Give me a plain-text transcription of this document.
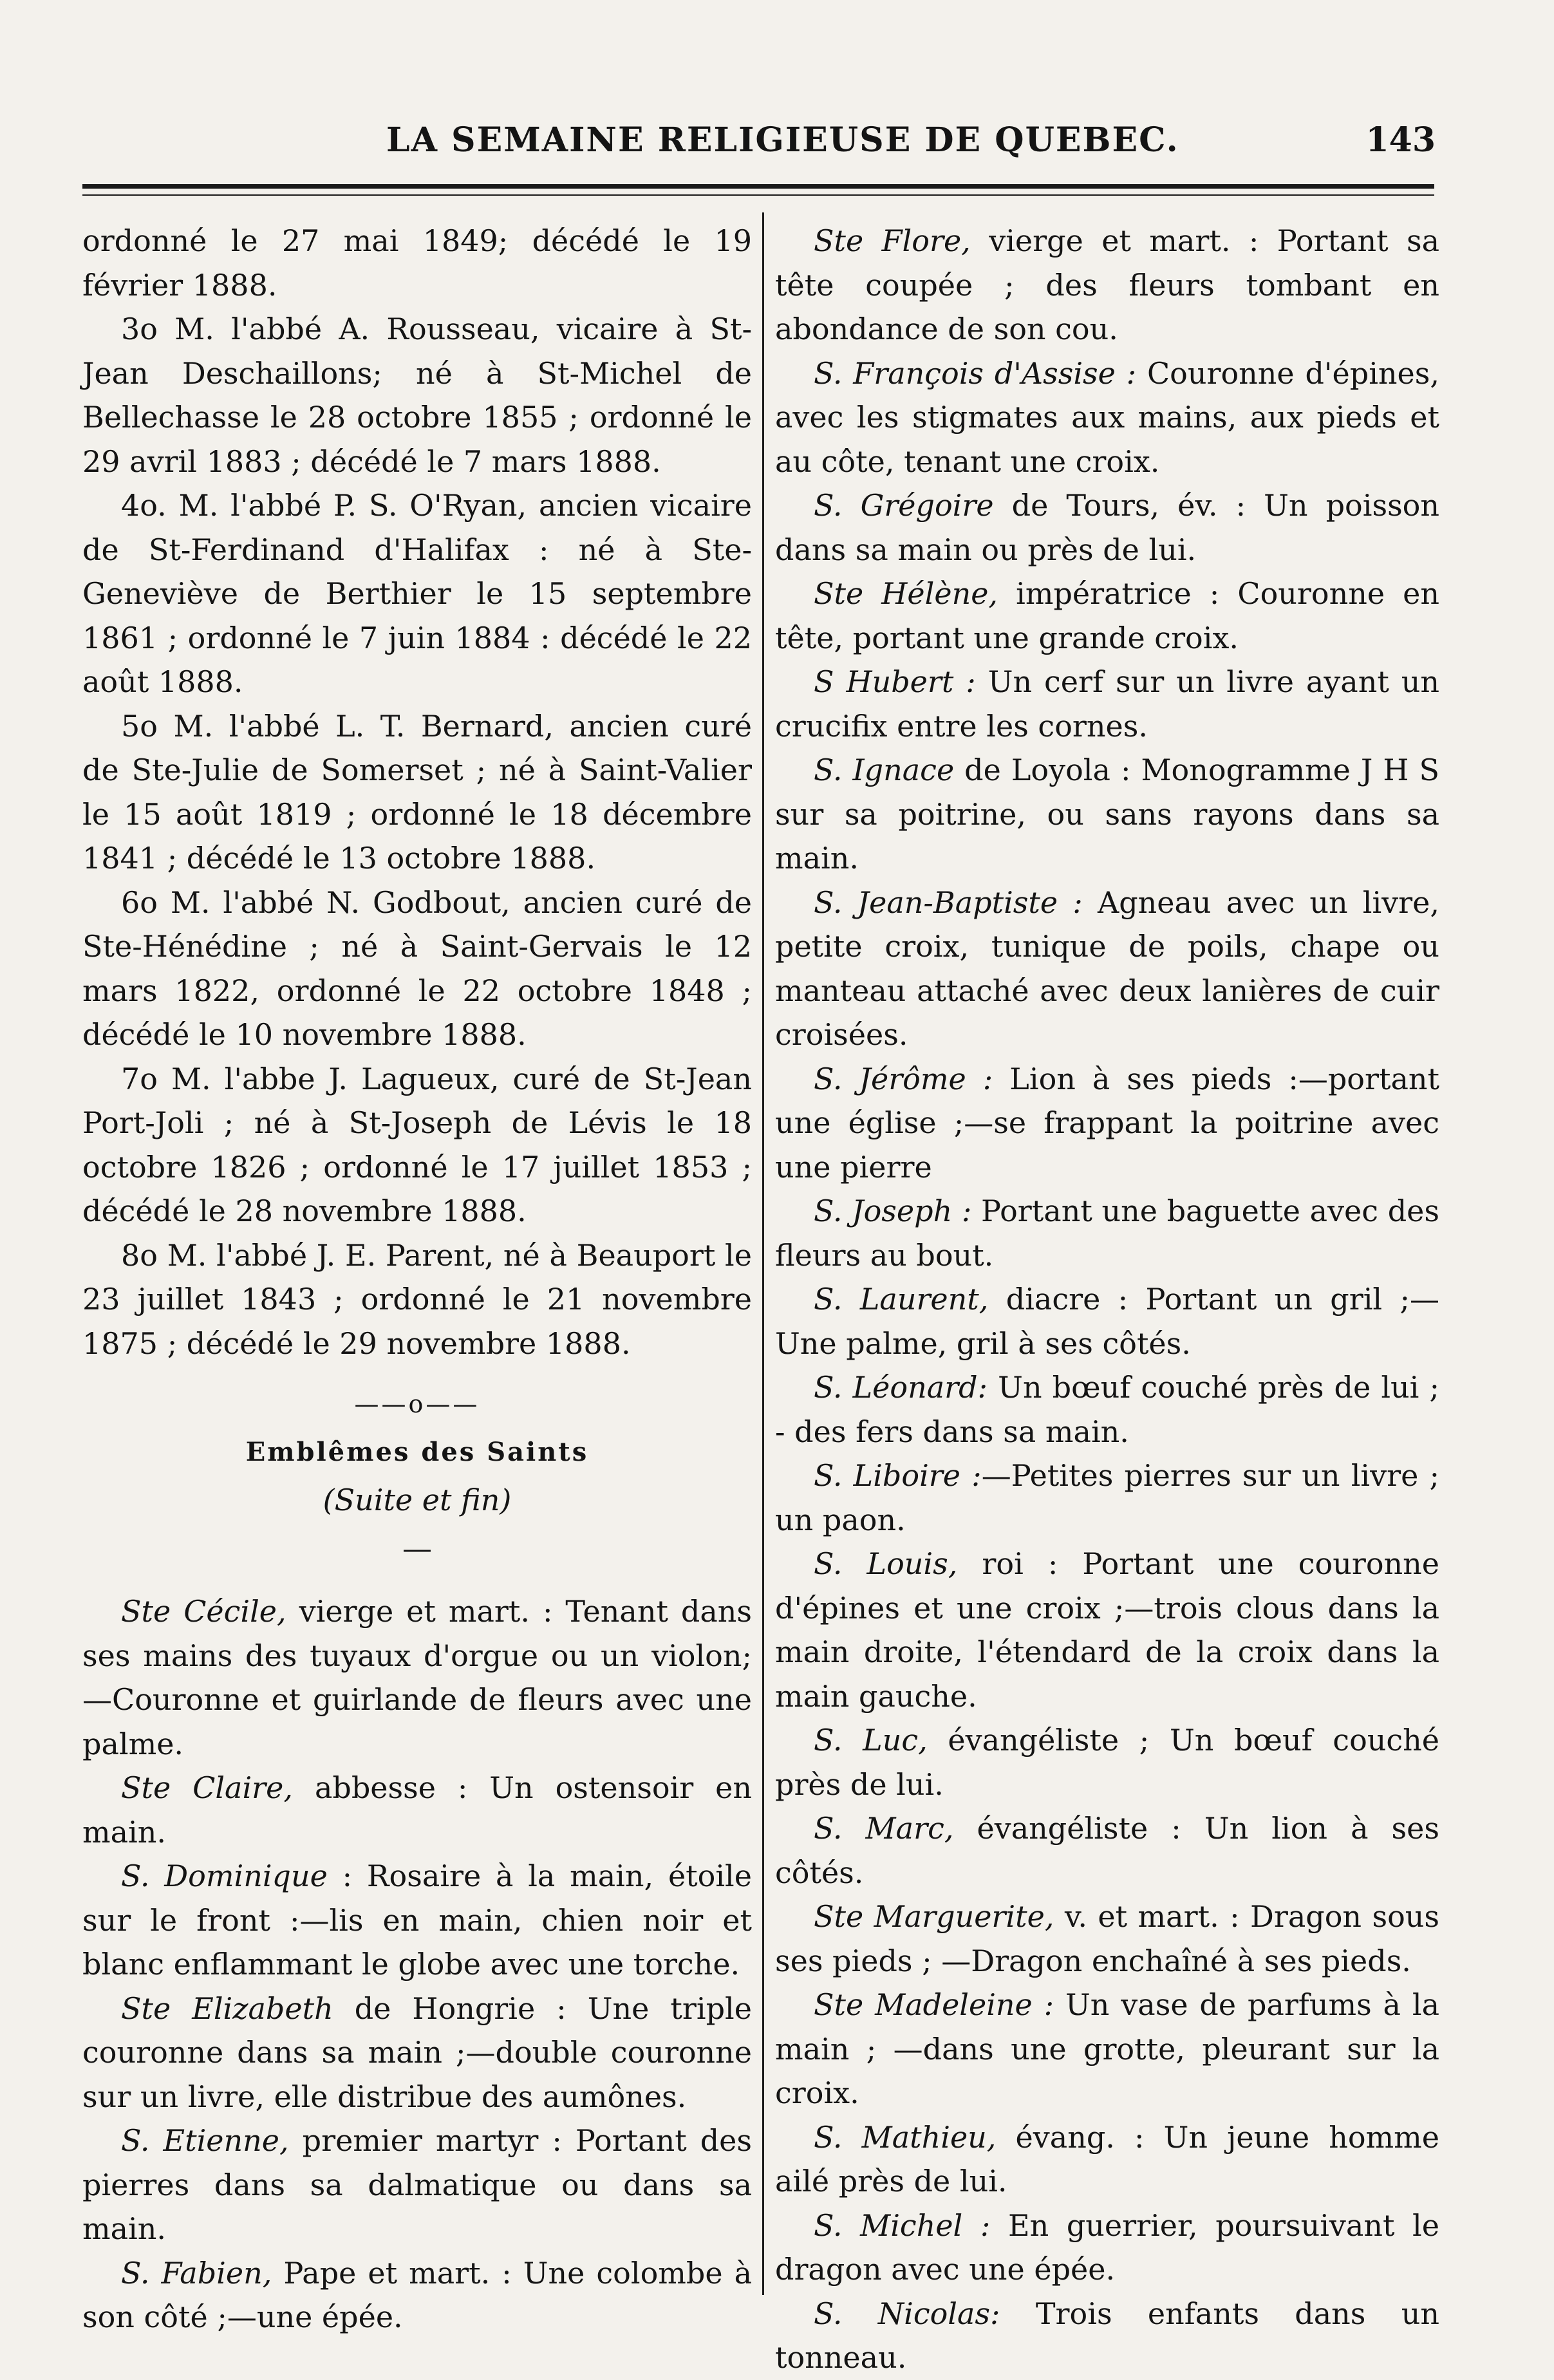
LA SEMAINE RELIGIEUSE DE QUEBEC.	143

ordonné le 27 mai 1849; décédé le 19 février 1888.

3o M. l'abbé A. Rousseau, vicaire à St-Jean Deschaillons; né à St-Michel de Bellechasse le 28 octobre 1855 ; ordonné le 29 avril 1883 ; décédé le 7 mars 1888.

4o. M. l'abbé P. S. O'Ryan, ancien vicaire de St-Ferdinand d'Halifax : né à Ste-Geneviève de Berthier le 15 septembre 1861 ; ordonné le 7 juin 1884 : décédé le 22 août 1888.

5o M. l'abbé L. T. Bernard, ancien curé de Ste-Julie de Somerset ; né à Saint-Valier le 15 août 1819 ; ordonné le 18 décembre 1841 ; décédé le 13 octobre 1888.

6o M. l'abbé N. Godbout, ancien curé de Ste-Hénédine ; né à Saint-Gervais le 12 mars 1822, ordonné le 22 octobre 1848 ; décédé le 10 novembre 1888.

7o M. l'abbe J. Lagueux, curé de St-Jean Port-Joli ; né à St-Joseph de Lévis le 18 octobre 1826 ; ordonné le 17 juillet 1853 ; décédé le 28 novembre 1888.

8o M. l'abbé J. E. Parent, né à Beauport le 23 juillet 1843 ; ordonné le 21 novembre 1875 ; décédé le 29 novembre 1888.

——o——
Emblêmes des Saints
(Suite et fin)
—

Ste Cécile, vierge et mart. : Tenant dans ses mains des tuyaux d'orgue ou un violon; —Couronne et guirlande de fleurs avec une palme.

Ste Claire, abbesse : Un ostensoir en main.

S. Dominique : Rosaire à la main, étoile sur le front :—lis en main, chien noir et blanc enflammant le globe avec une torche.

Ste Elizabeth de Hongrie : Une triple couronne dans sa main ;—double couronne sur un livre, elle distribue des aumônes.

S. Etienne, premier martyr : Portant des pierres dans sa dalmatique ou dans sa main.

S. Fabien, Pape et mart. : Une colombe à son côté ;—une épée.

Ste Flore, vierge et mart. : Portant sa tête coupée ; des fleurs tombant en abondance de son cou.

S. François d'Assise : Couronne d'épines, avec les stigmates aux mains, aux pieds et au côte, tenant une croix.

S. Grégoire de Tours, év. : Un poisson dans sa main ou près de lui.

Ste Hélène, impératrice : Couronne en tête, portant une grande croix.

S Hubert : Un cerf sur un livre ayant un crucifix entre les cornes.

S. Ignace de Loyola : Monogramme J H S sur sa poitrine, ou sans rayons dans sa main.

S. Jean-Baptiste : Agneau avec un livre, petite croix, tunique de poils, chape ou manteau attaché avec deux lanières de cuir croisées.

S. Jérôme : Lion à ses pieds :—portant une église ;—se frappant la poitrine avec une pierre

S. Joseph : Portant une baguette avec des fleurs au bout.

S. Laurent, diacre : Portant un gril ;—Une palme, gril à ses côtés.

S. Léonard: Un bœuf couché près de lui ; - des fers dans sa main.

S. Liboire :—Petites pierres sur un livre ; un paon.

S. Louis, roi : Portant une couronne d'épines et une croix ;—trois clous dans la main droite, l'étendard de la croix dans la main gauche.

S. Luc, évangéliste ; Un bœuf couché près de lui.

S. Marc, évangéliste : Un lion à ses côtés.

Ste Marguerite, v. et mart. : Dragon sous ses pieds ; —Dragon enchaîné à ses pieds.

Ste Madeleine : Un vase de parfums à la main ; —dans une grotte, pleurant sur la croix.

S. Mathieu, évang. : Un jeune homme ailé près de lui.

S. Michel : En guerrier, poursuivant le dragon avec une épée.

S. Nicolas: Trois enfants dans un tonneau.
